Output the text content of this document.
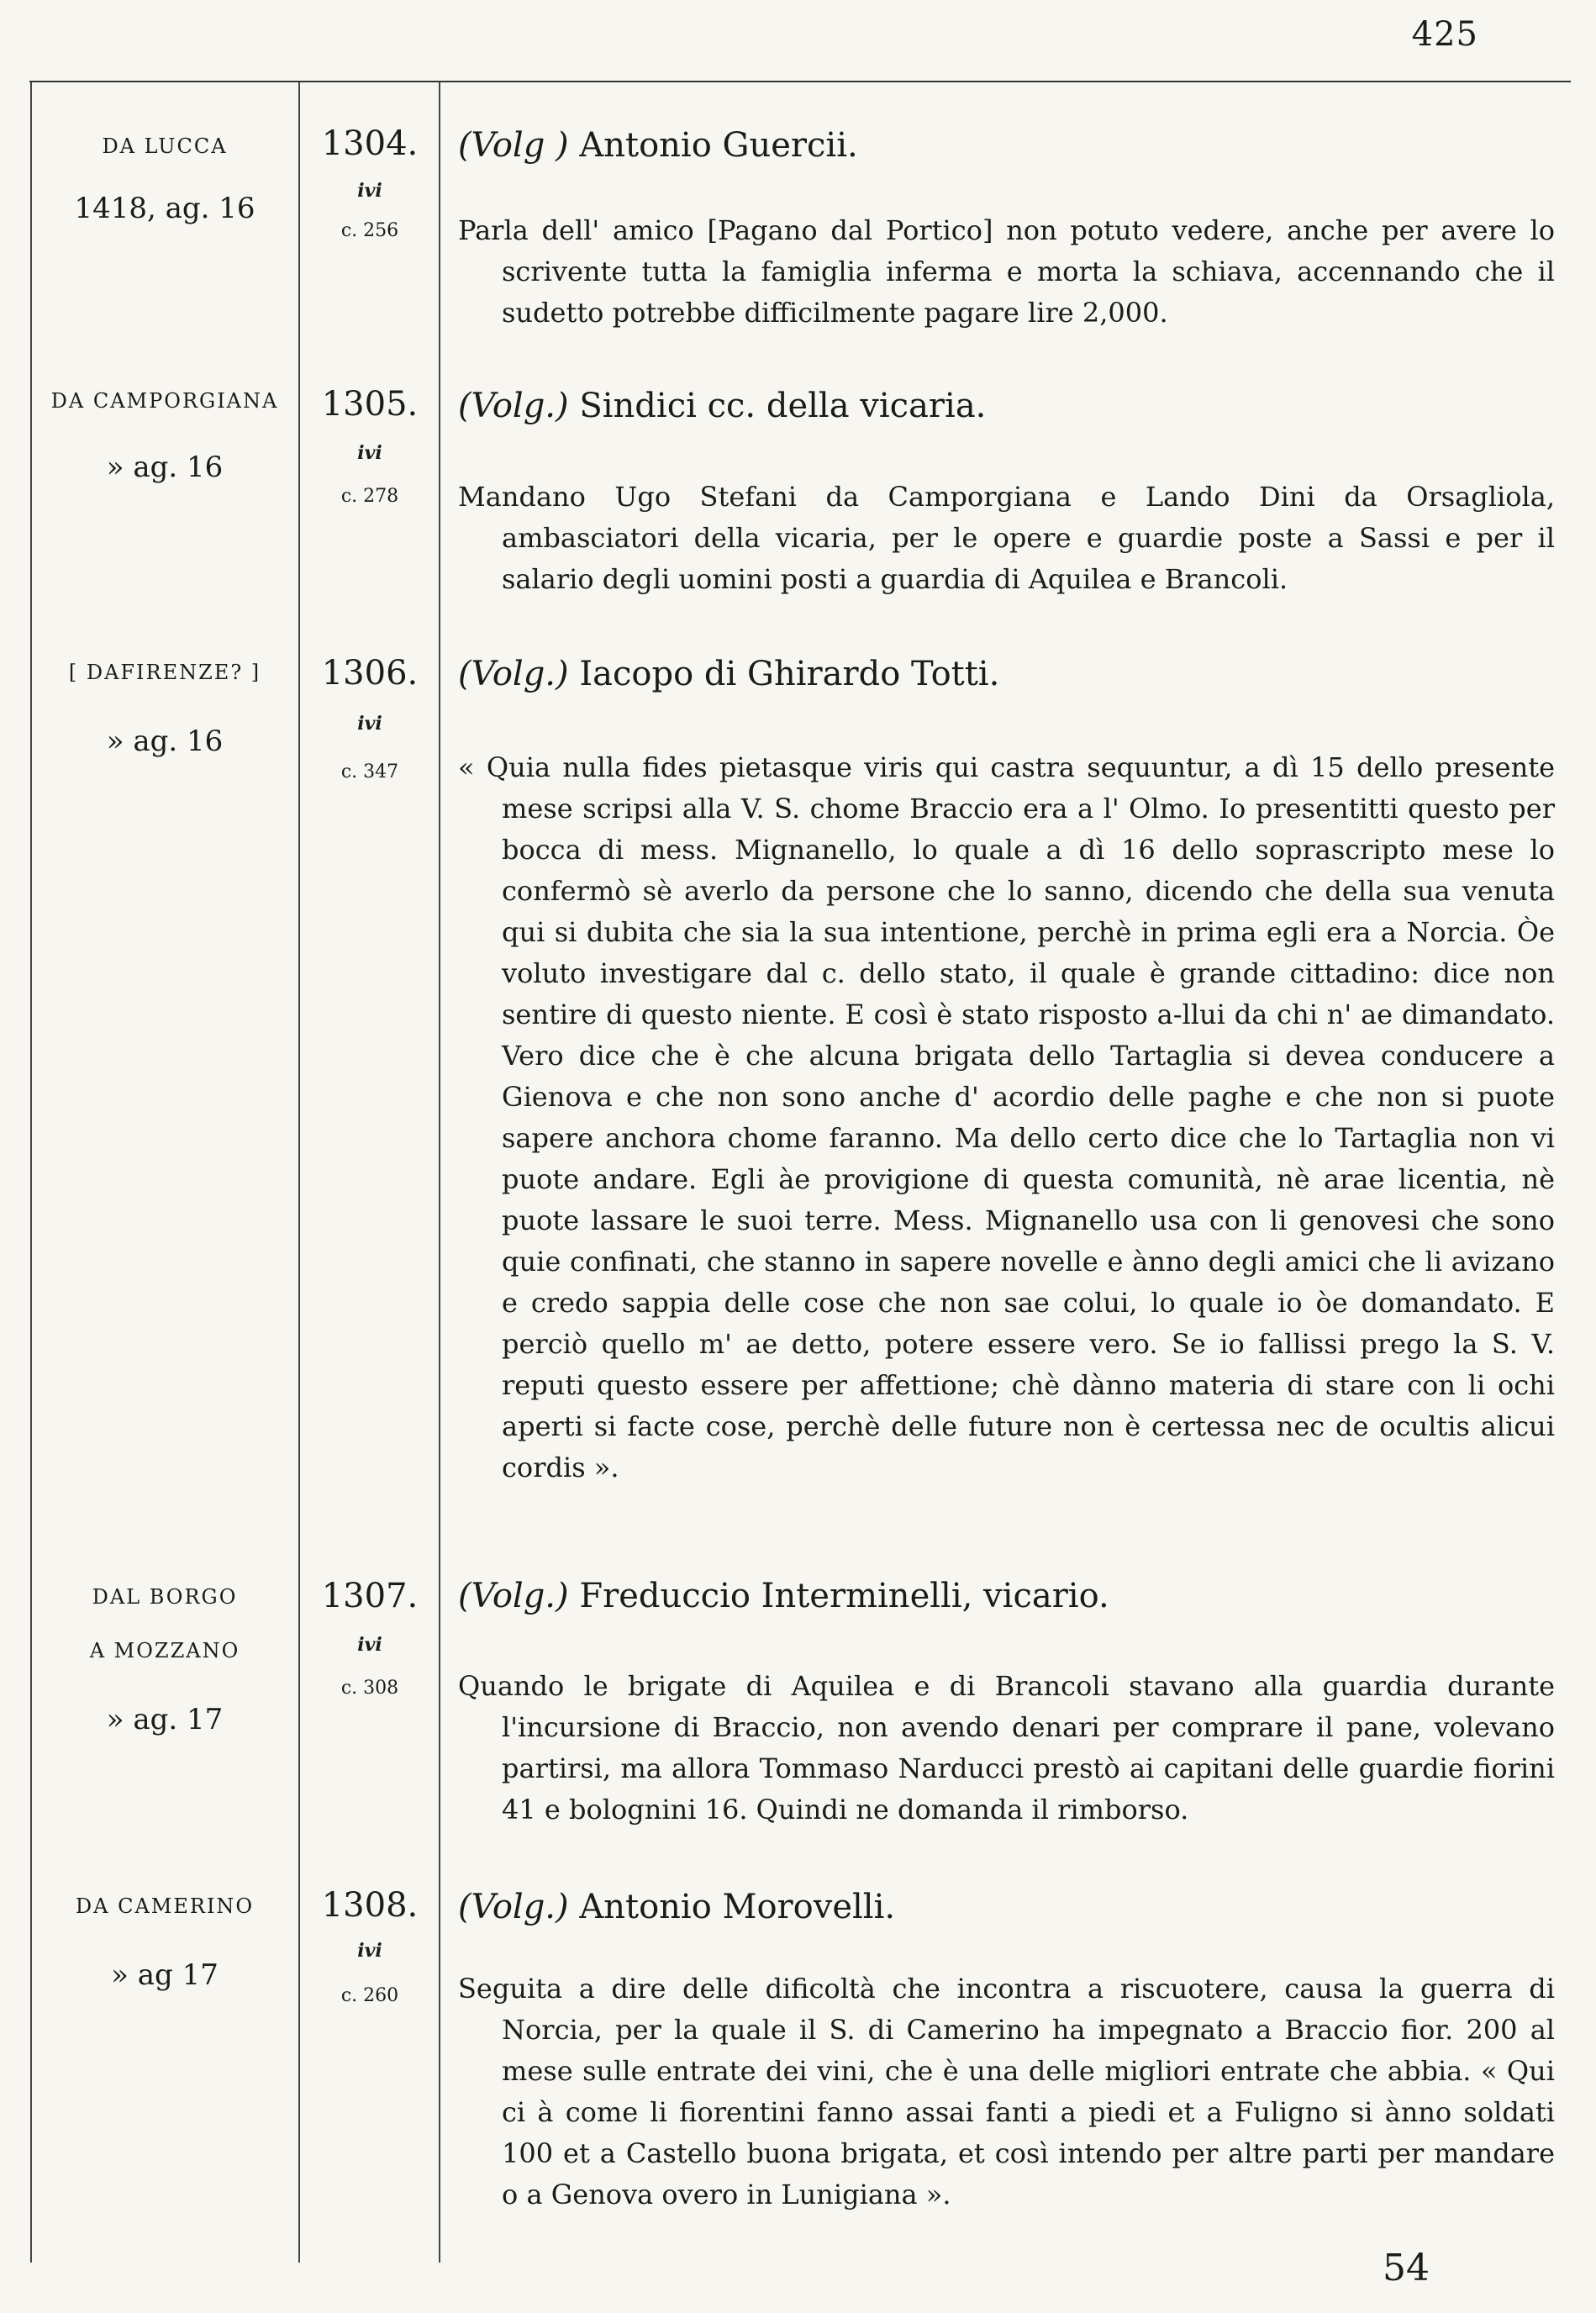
425
DA LUCCA
1418, ag. 16
1304.
ivi
c. 256
(Volg ) Antonio Guercii.
Parla dell' amico [Pagano dal Portico] non potuto vedere, anche per avere lo scrivente tutta la famiglia inferma e morta la schiava, accennando che il sudetto potrebbe difficilmente pagare lire 2,000.
DA CAMPORGIANA
» ag. 16
1305.
ivi
c. 278
(Volg.) Sindici cc. della vicaria.
Mandano Ugo Stefani da Camporgiana e Lando Dini da Orsagliola, ambasciatori della vicaria, per le opere e guardie poste a Sassi e per il salario degli uomini posti a guardia di Aquilea e Brancoli.
[ DAFIRENZE? ]
» ag. 16
1306.
ivi
c. 347
(Volg.) Iacopo di Ghirardo Totti.
« Quia nulla fides pietasque viris qui castra sequuntur, a dì 15 dello presente mese scripsi alla V. S. chome Braccio era a l' Olmo. Io presentitti questo per bocca di mess. Mignanello, lo quale a dì 16 dello soprascripto mese lo confermò sè averlo da persone che lo sanno, dicendo che della sua venuta qui si dubita che sia la sua intentione, perchè in prima egli era a Norcia. Òe voluto investigare dal c. dello stato, il quale è grande cittadino: dice non sentire di questo niente. E così è stato risposto a-llui da chi n' ae dimandato. Vero dice che è che alcuna brigata dello Tartaglia si devea conducere a Gienova e che non sono anche d' acordio delle paghe e che non si puote sapere anchora chome faranno. Ma dello certo dice che lo Tartaglia non vi puote andare. Egli àe provigione di questa comunità, nè arae licentia, nè puote lassare le suoi terre. Mess. Mignanello usa con li genovesi che sono quie confinati, che stanno in sapere novelle e ànno degli amici che li avizano e credo sappia delle cose che non sae colui, lo quale io òe domandato. E perciò quello m' ae detto, potere essere vero. Se io fallissi prego la S. V. reputi questo essere per affettione; chè dànno materia di stare con li ochi aperti si facte cose, perchè delle future non è certessa nec de ocultis alicui cordis ».
DAL BORGO
A MOZZANO
» ag. 17
1307.
ivi
c. 308
(Volg.) Freduccio Interminelli, vicario.
Quando le brigate di Aquilea e di Brancoli stavano alla guardia durante l'incursione di Braccio, non avendo denari per comprare il pane, volevano partirsi, ma allora Tommaso Narducci prestò ai capitani delle guardie fiorini 41 e bolognini 16. Quindi ne domanda il rimborso.
DA CAMERINO
» ag 17
1308.
ivi
c. 260
(Volg.) Antonio Morovelli.
Seguita a dire delle dificoltà che incontra a riscuotere, causa la guerra di Norcia, per la quale il S. di Camerino ha impegnato a Braccio fior. 200 al mese sulle entrate dei vini, che è una delle migliori entrate che abbia. « Qui ci à come li fiorentini fanno assai fanti a piedi et a Fuligno si ànno soldati 100 et a Castello buona brigata, et così intendo per altre parti per mandare o a Genova overo in Lunigiana ».
54
